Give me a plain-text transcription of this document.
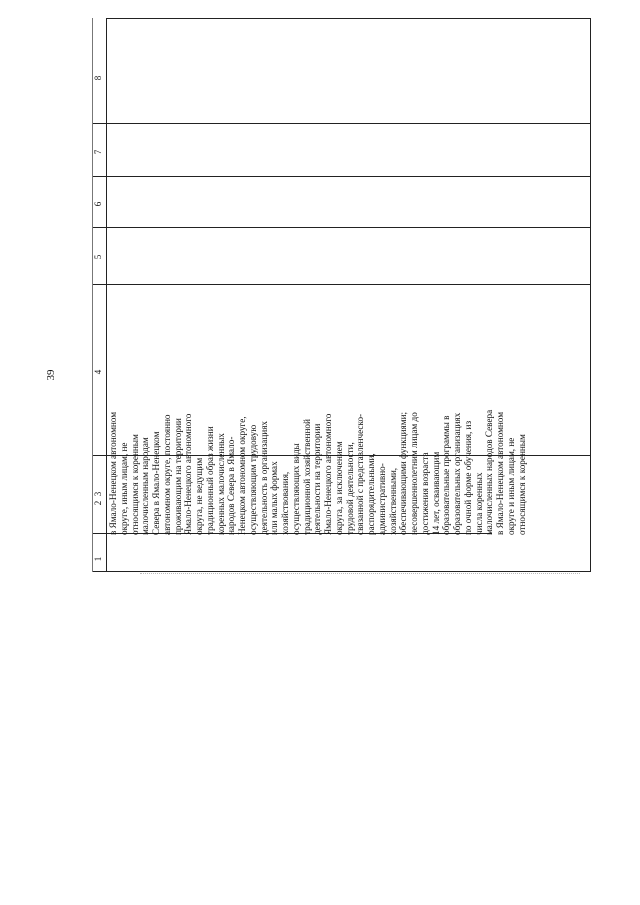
39
1
2
3
4
5
6
7
8
в Ямало-Ненецком автономном округе, иным лицам, не относящимся к коренным малочисленным народам Севера в Ямало-Ненецком автономном округе, постоянно проживающим на территории Ямало-Ненецкого автономного округа, не ведущим традиционный образ жизни коренных малочисленных народов Севера в Ямало- Ненецком автономном округе, осуществляющим трудовую деятельность в организациях или малых формах хозяйствования, осуществляющих виды традиционной хозяйственной деятельности на территории Ямало-Ненецкого автономного округа, за исключением трудовой деятельности, связанной с представленческо- распорядительными, административно- хозяйственными, обеспечивающими функциями; несовершеннолетним лицам до достижения возраста 14 лет, осваивающим образовательные программы в образовательных организациях по очной форме обучения, из числа коренных малочисленных народов Севера в Ямало-Ненецком автономном округе и иным лицам, не относящимся к коренным
